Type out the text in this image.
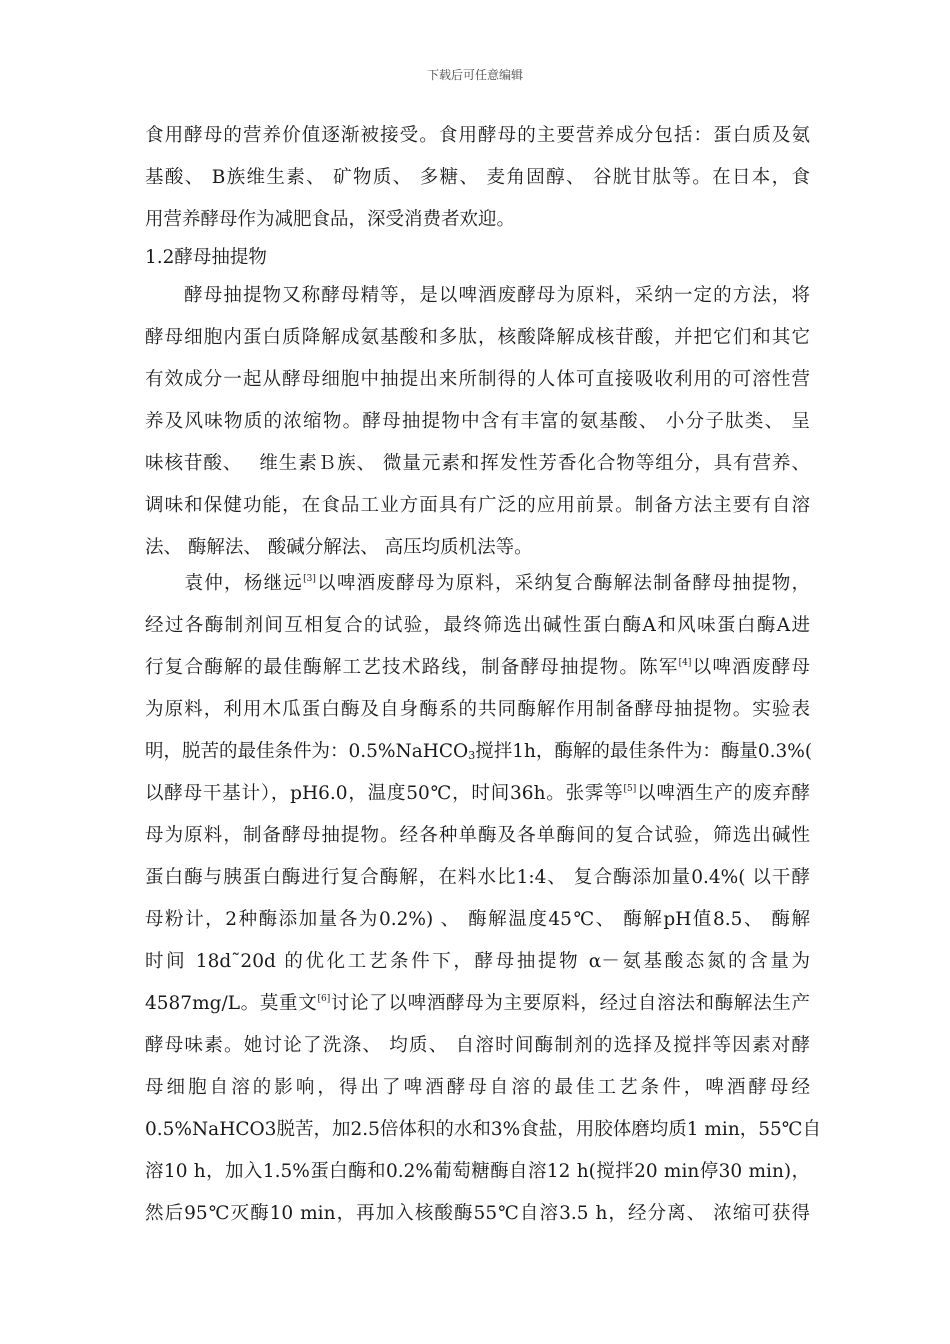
下载后可任意编辑
食用酵母的营养价值逐渐被接受。食用酵母的主要营养成分包括：蛋白质及氨
基酸、 B族维生素、 矿物质、 多糖、 麦角固醇、 谷胱甘肽等。在日本，食
用营养酵母作为减肥食品，深受消费者欢迎。
1.2酵母抽提物
　　酵母抽提物又称酵母精等，是以啤酒废酵母为原料，采纳一定的方法，将
酵母细胞内蛋白质降解成氨基酸和多肽，核酸降解成核苷酸，并把它们和其它
有效成分一起从酵母细胞中抽提出来所制得的人体可直接吸收利用的可溶性营
养及风味物质的浓缩物。酵母抽提物中含有丰富的氨基酸、 小分子肽类、 呈
味核苷酸、　 维生素Ｂ族、 微量元素和挥发性芳香化合物等组分，具有营养、
调味和保健功能，在食品工业方面具有广泛的应用前景。制备方法主要有自溶
法、 酶解法、 酸碱分解法、 高压均质机法等。
　　袁仲，杨继远[3]以啤酒废酵母为原料，采纳复合酶解法制备酵母抽提物，
经过各酶制剂间互相复合的试验，最终筛选出碱性蛋白酶A和风味蛋白酶A进
行复合酶解的最佳酶解工艺技术路线，制备酵母抽提物。陈军[4]以啤酒废酵母
为原料，利用木瓜蛋白酶及自身酶系的共同酶解作用制备酵母抽提物。实验表
明，脱苦的最佳条件为：0.5%NaHCO$_3$搅拌1h，酶解的最佳条件为：酶量0.3%(
以酵母干基计），pH6.0，温度50℃，时间36h。张霁等[5]以啤酒生产的废弃酵
母为原料，制备酵母抽提物。经各种单酶及各单酶间的复合试验，筛选出碱性
蛋白酶与胰蛋白酶进行复合酶解，在料水比1:4、 复合酶添加量0.4%( 以干酵
母粉计，2种酶添加量各为0.2%) 、 酶解温度45℃、 酶解pH值8.5、 酶解
时间 18d˜20d 的优化工艺条件下，酵母抽提物 α－氨基酸态氮的含量为
4587mg/L。莫重文[6]讨论了以啤酒酵母为主要原料，经过自溶法和酶解法生产
酵母味素。她讨论了洗涤、 均质、 自溶时间酶制剂的选择及搅拌等因素对酵
母细胞自溶的影响，得出了啤酒酵母自溶的最佳工艺条件，啤酒酵母经
0.5%NaHCO3脱苦，加2.5倍体积的水和3%食盐，用胶体磨均质1 min，55℃自
溶10 h，加入1.5%蛋白酶和0.2%葡萄糖酶自溶12 h(搅拌20 min停30 min)，
然后95℃灭酶10 min，再加入核酸酶55℃自溶3.5 h，经分离、 浓缩可获得
